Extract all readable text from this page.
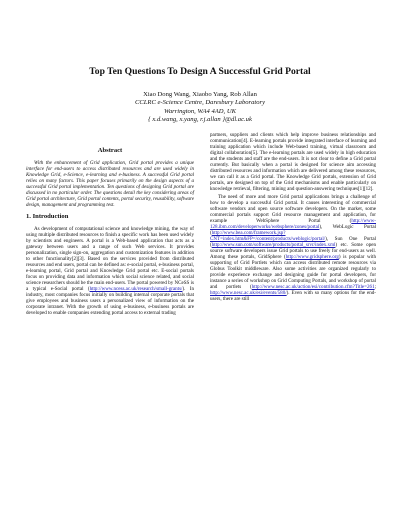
Top Ten Questions To Design A Successful Grid Portal
Xiao Dong Wang, Xiaobo Yang, Rob Allan
CCLRC e-Science Centre, Daresbury Laboratory
Warrington, WA4 4AD, UK
{ x.d.wang, x.yang, r.j.allan }@dl.ac.uk
Abstract
With the enhancement of Grid application, Grid portal provides a unique interface for end-users to access distributed resources and are used widely in Knowledge Grid, e-Science, e-learning and e-business. A successful Grid portal relies on many factors. This paper focuses primarily on the design aspects of a successful Grid portal implementation. Ten questions of designing Grid portal are discussed in no particular order. The questions detail the key considering areas of Grid portal architecture, Grid portal contents, portal security, reusability, software design, management and programming test.
1. Introduction

As development of computational science and knowledge mining, the way of using multiple distributed resources to finish a specific work has been used widely by scientists and engineers. A portal is a Web-based application that acts as a gateway between users and a range of such Web services. It provides personalization, single sign-on, aggregation and customization features in addition to other functionality[2][3]. Based on the services provided from distributed resources and end users, portal can be defined as: e-social portal, e-business portal, e-learning portal, Grid portal and Knowledge Grid portal etc. E-social portals focus on providing data and information which social science related, and social science researchers should be the main end-users. The portal powered by NCeSS is a typical e-Social portal (http://www.ncess.ac.uk/research/small-grants/). In industry, most companies focus initially on building internal corporate portals that give employees and business users a personalized view of information on the corporate intranet. With the growth of using e-business, e-business portals are developed to enable companies extending portal access to external trading

partners, suppliers and clients which help improve business relationships and communication[4]. E-learning portals provide integrated interface of learning and training application which include Web-based training, virtual classroom and digital collaboration[5]. The e-learning portals are used widely in high education and the students and staff are the end-users. It is not clear to define a Grid portal currently. But basically when a portal is designed for science aim accessing distributed resources and information which are delivered among these resources, we can call it as a Grid portal. The Knowledge Grid portals, extension of Grid portals, are designed on top of the Grid mechanisms and enable particularly on knowledge retrieval, filtering, mining and question-answering techniques[1][12].

The need of more and more Grid portal applications brings a challenge of how to develop a successful Grid portal. It causes interesting of commercial software vendors and open source software developers. On the market, some commercial portals support Grid resource management and application, for example WebSphere Portal (http://www-128.ibm.com/developerworks/websphere/zones/portal), WebLogic Portal (http://www.bea.com/framework.jsp?CNT=index.htm&FP=/content/products/weblogic/portal/), Sun One Portal (http://www.sun.com/software/products/portal_srvr/index.xml) etc. Some open source software developers issue Grid portals to use freely for end-users as well. Among these portals, GridSphere (http://www.gridsphere.org) is popular with supporting of Grid Portlets which can access distributed remote resources via Globus Toolkit middleware. Also some activities are organized regularly to provide experience exchange and designing guide for portal developers, for instance a series of workshop on Grid Computing Portals, and workshop of portal and portlets (http://www.nesc.ac.uk/action/esi/contribution.cfm?Title=261; http://www.nesc.ac.uk/esi/events/580/). Even with so many options for the end-users, there are still
